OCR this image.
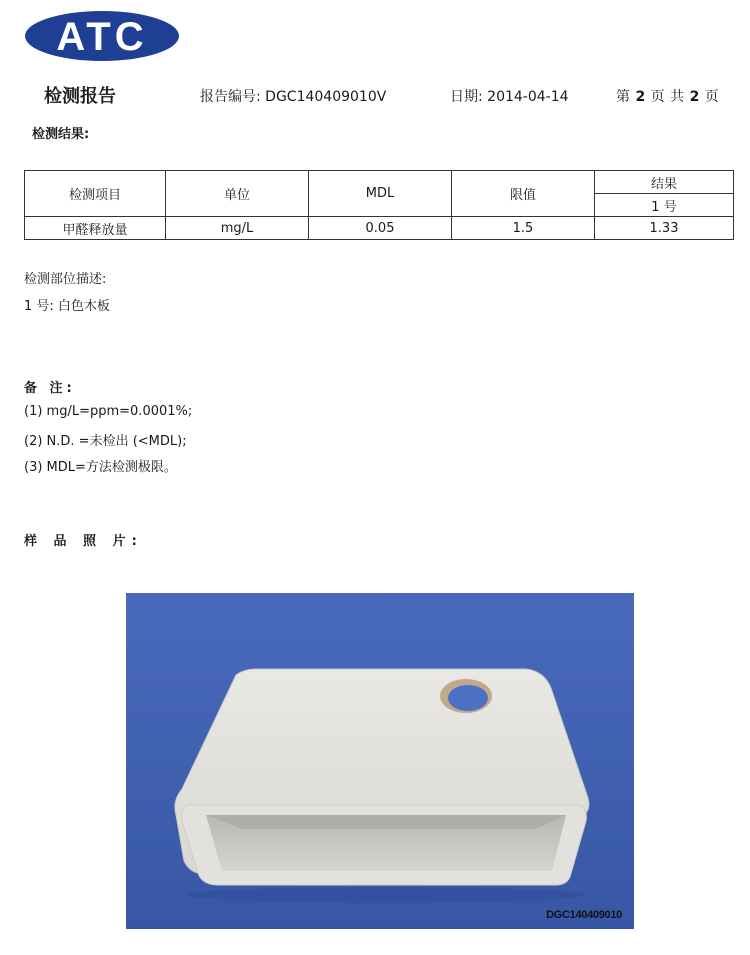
ATC
检测报告	报告编号: DGC140409010V	日期: 2014-04-14	第 2 页 共 2 页
检测结果:
检测项目	单位	MDL	限值	结果
				1 号
甲醛释放量	mg/L	0.05	1.5	1.33
检测部位描述:
1 号: 白色木板
备 注:
(1) mg/L=ppm=0.0001%;
(2) N.D. =未检出 (<MDL);
(3) MDL=方法检测极限。
样 品 照 片:
DGC140409010
